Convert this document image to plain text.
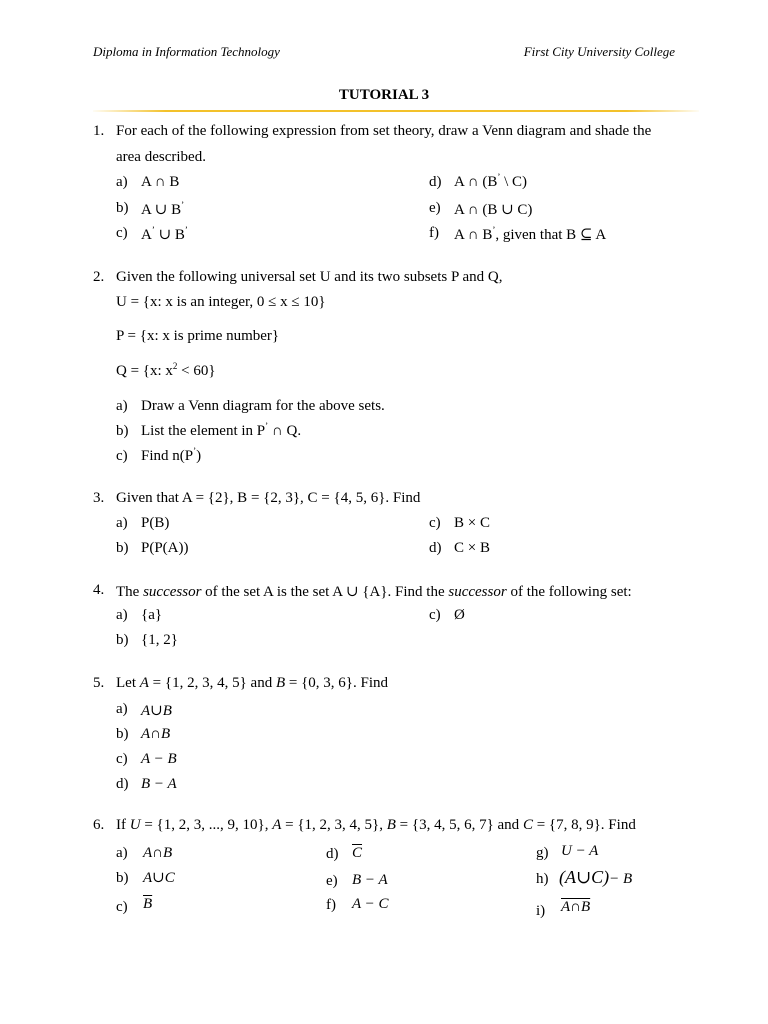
Diploma in Information Technology	First City University College
TUTORIAL 3
1. For each of the following expression from set theory, draw a Venn diagram and shade the
area described.
a) A ∩ B
b) A ∪ B’
c) A’ ∪ B’
d) A ∩ (B’ \ C)
e) A ∩ (B ∪ C)
f) A ∩ B’, given that B ⊆ A
2. Given the following universal set U and its two subsets P and Q,
U = {x: x is an integer, 0 ≤ x ≤ 10}
P = {x: x is prime number}
Q = {x: $x^2 < 60$}
a) Draw a Venn diagram for the above sets.
b) List the element in P’ ∩ Q.
c) Find n(P’)
3. Given that A = {2}, B = {2, 3}, C = {4, 5, 6}. Find
a) P(B)
b) P(P(A))
c) B × C
d) C × B
4. The successor of the set A is the set A ∪ {A}. Find the successor of the following set:
a) {a}
b) {1, 2}
c) Ø
5. Let A = {1, 2, 3, 4, 5} and B = {0, 3, 6}. Find
a) A∪B
b) A∩B
c) A − B
d) B − A
6. If U = {1, 2, 3, ..., 9, 10}, A = {1, 2, 3, 4, 5}, B = {3, 4, 5, 6, 7} and C = {7, 8, 9}. Find
a) A∩B
b) A∪C
c) $\overline{B}$
d) $\overline{C}$
e) B − A
f) A − C
g) U − A
h) (A∪C)− B
i) A∩B
